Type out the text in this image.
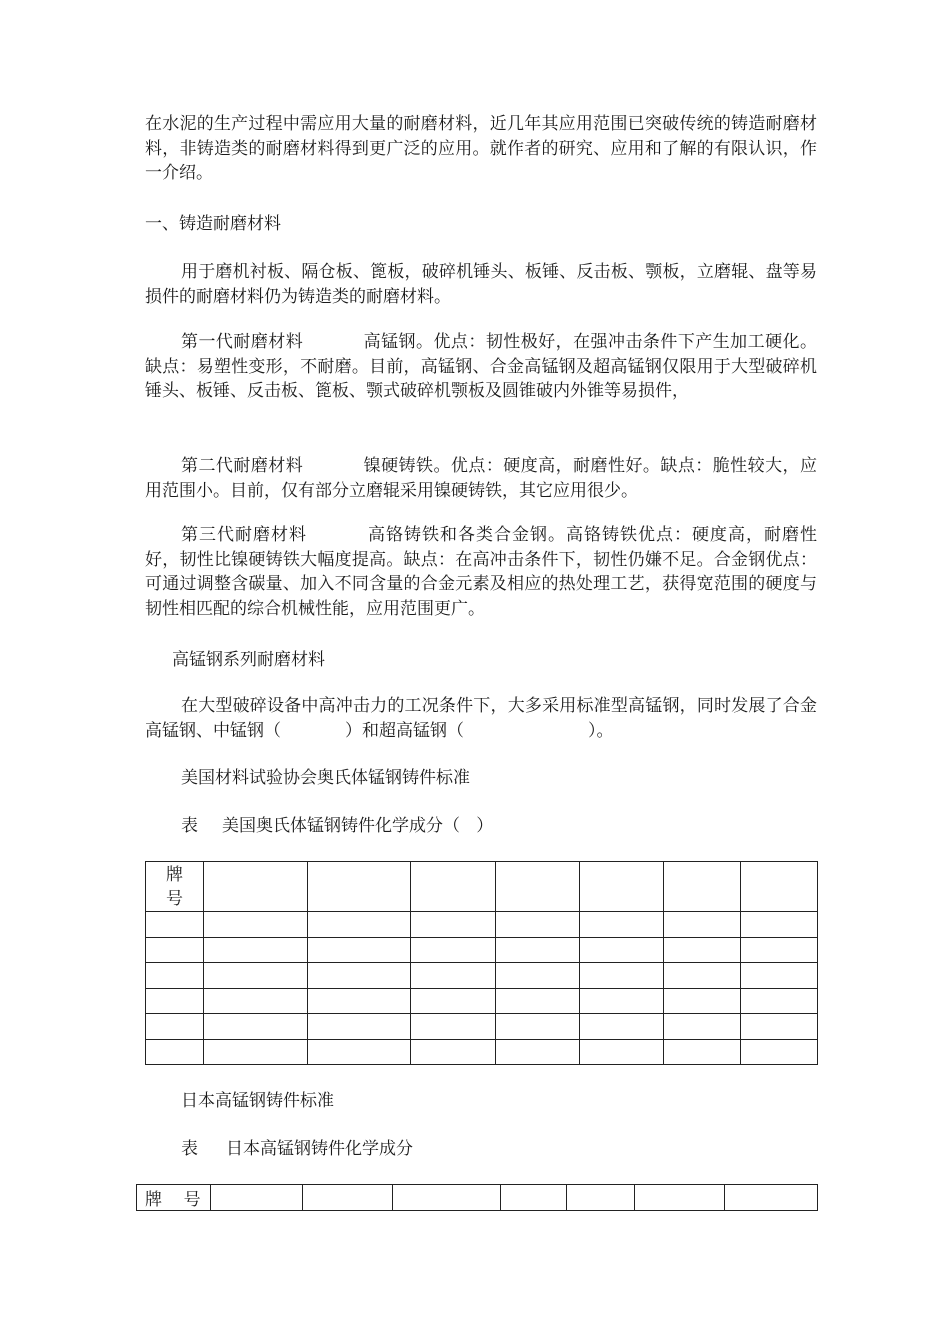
在水泥的生产过程中需应用大量的耐磨材料，近几年其应用范围已突破传统的铸造耐磨材料，非铸造类的耐磨材料得到更广泛的应用。就作者的研究、应用和了解的有限认识，作一介绍。

一、铸造耐磨材料

用于磨机衬板、隔仓板、篦板，破碎机锤头、板锤、反击板、颚板，立磨辊、盘等易损件的耐磨材料仍为铸造类的耐磨材料。

第一代耐磨材料	高锰钢。优点：韧性极好，在强冲击条件下产生加工硬化。缺点：易塑性变形，不耐磨。目前，高锰钢、合金高锰钢及超高锰钢仅限用于大型破碎机锤头、板锤、反击板、篦板、颚式破碎机颚板及圆锥破内外锥等易损件，

第二代耐磨材料	镍硬铸铁。优点：硬度高，耐磨性好。缺点：脆性较大，应用范围小。目前，仅有部分立磨辊采用镍硬铸铁，其它应用很少。

第三代耐磨材料	高铬铸铁和各类合金钢。高铬铸铁优点：硬度高，耐磨性好，韧性比镍硬铸铁大幅度提高。缺点：在高冲击条件下，韧性仍嫌不足。合金钢优点：可通过调整含碳量、加入不同含量的合金元素及相应的热处理工艺，获得宽范围的硬度与韧性相匹配的综合机械性能，应用范围更广。

高锰钢系列耐磨材料

在大型破碎设备中高冲击力的工况条件下，大多采用标准型高锰钢，同时发展了合金高锰钢、中锰钢（	）和超高锰钢（	）。

美国材料试验协会奥氏体锰钢铸件标准

表 美国奥氏体锰钢铸件化学成分（   ）

牌号							

日本高锰钢铸件标准

表 日本高锰钢铸件化学成分

牌    号							
